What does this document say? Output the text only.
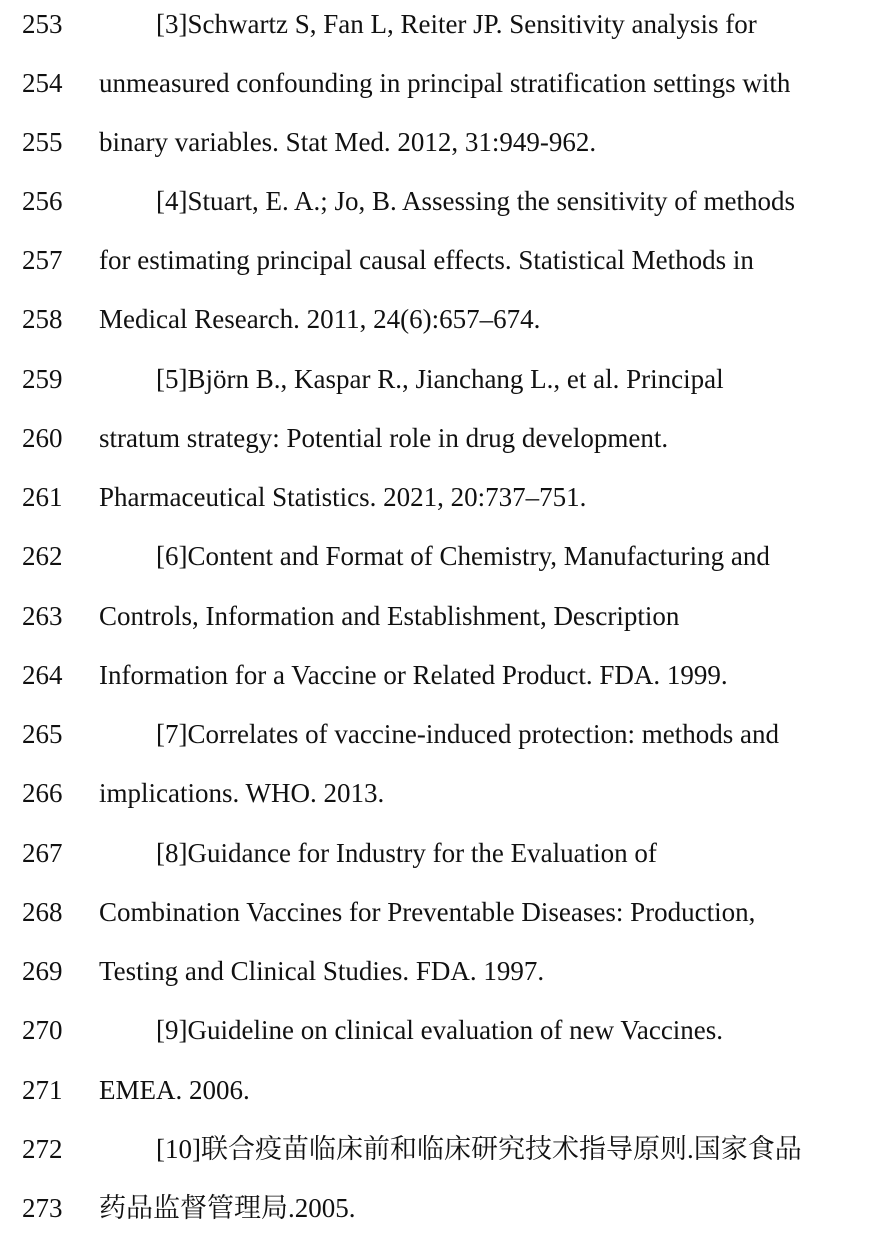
253	[3]Schwartz S, Fan L, Reiter JP. Sensitivity analysis for
254 unmeasured confounding in principal stratification settings with
255 binary variables. Stat Med. 2012, 31:949-962.
256	[4]Stuart, E. A.; Jo, B. Assessing the sensitivity of methods
257 for estimating principal causal effects. Statistical Methods in
258 Medical Research. 2011, 24(6):657–674.
259	[5]Björn B., Kaspar R., Jianchang L., et al. Principal
260 stratum strategy: Potential role in drug development.
261 Pharmaceutical Statistics. 2021, 20:737–751.
262	[6]Content and Format of Chemistry, Manufacturing and
263 Controls, Information and Establishment, Description
264 Information for a Vaccine or Related Product. FDA. 1999.
265	[7]Correlates of vaccine-induced protection: methods and
266 implications. WHO. 2013.
267	[8]Guidance for Industry for the Evaluation of
268 Combination Vaccines for Preventable Diseases: Production,
269 Testing and Clinical Studies. FDA. 1997.
270	[9]Guideline on clinical evaluation of new Vaccines.
271 EMEA. 2006.
272	[10]联合疫苗临床前和临床研究技术指导原则.国家食品
273 药品监督管理局.2005.
